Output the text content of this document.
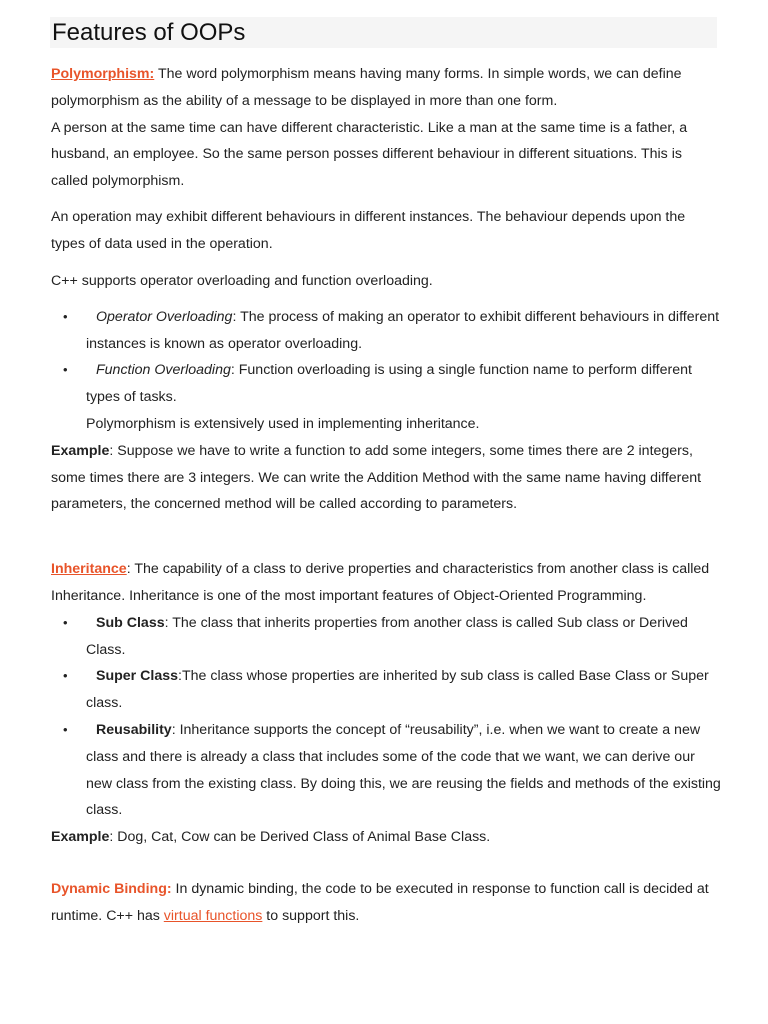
Features of OOPs

Polymorphism: The word polymorphism means having many forms. In simple words, we can define polymorphism as the ability of a message to be displayed in more than one form.

A person at the same time can have different characteristic. Like a man at the same time is a father, a husband, an employee. So the same person posses different behaviour in different situations. This is called polymorphism.

An operation may exhibit different behaviours in different instances. The behaviour depends upon the types of data used in the operation.

C++ supports operator overloading and function overloading.

• Operator Overloading: The process of making an operator to exhibit different behaviours in different instances is known as operator overloading.
• Function Overloading: Function overloading is using a single function name to perform different types of tasks.

Polymorphism is extensively used in implementing inheritance.

Example: Suppose we have to write a function to add some integers, some times there are 2 integers, some times there are 3 integers. We can write the Addition Method with the same name having different parameters, the concerned method will be called according to parameters.

Inheritance: The capability of a class to derive properties and characteristics from another class is called Inheritance. Inheritance is one of the most important features of Object-Oriented Programming.

• Sub Class: The class that inherits properties from another class is called Sub class or Derived Class.
• Super Class:The class whose properties are inherited by sub class is called Base Class or Super class.
• Reusability: Inheritance supports the concept of “reusability”, i.e. when we want to create a new class and there is already a class that includes some of the code that we want, we can derive our new class from the existing class. By doing this, we are reusing the fields and methods of the existing class.

Example: Dog, Cat, Cow can be Derived Class of Animal Base Class.

Dynamic Binding: In dynamic binding, the code to be executed in response to function call is decided at runtime. C++ has virtual functions to support this.
